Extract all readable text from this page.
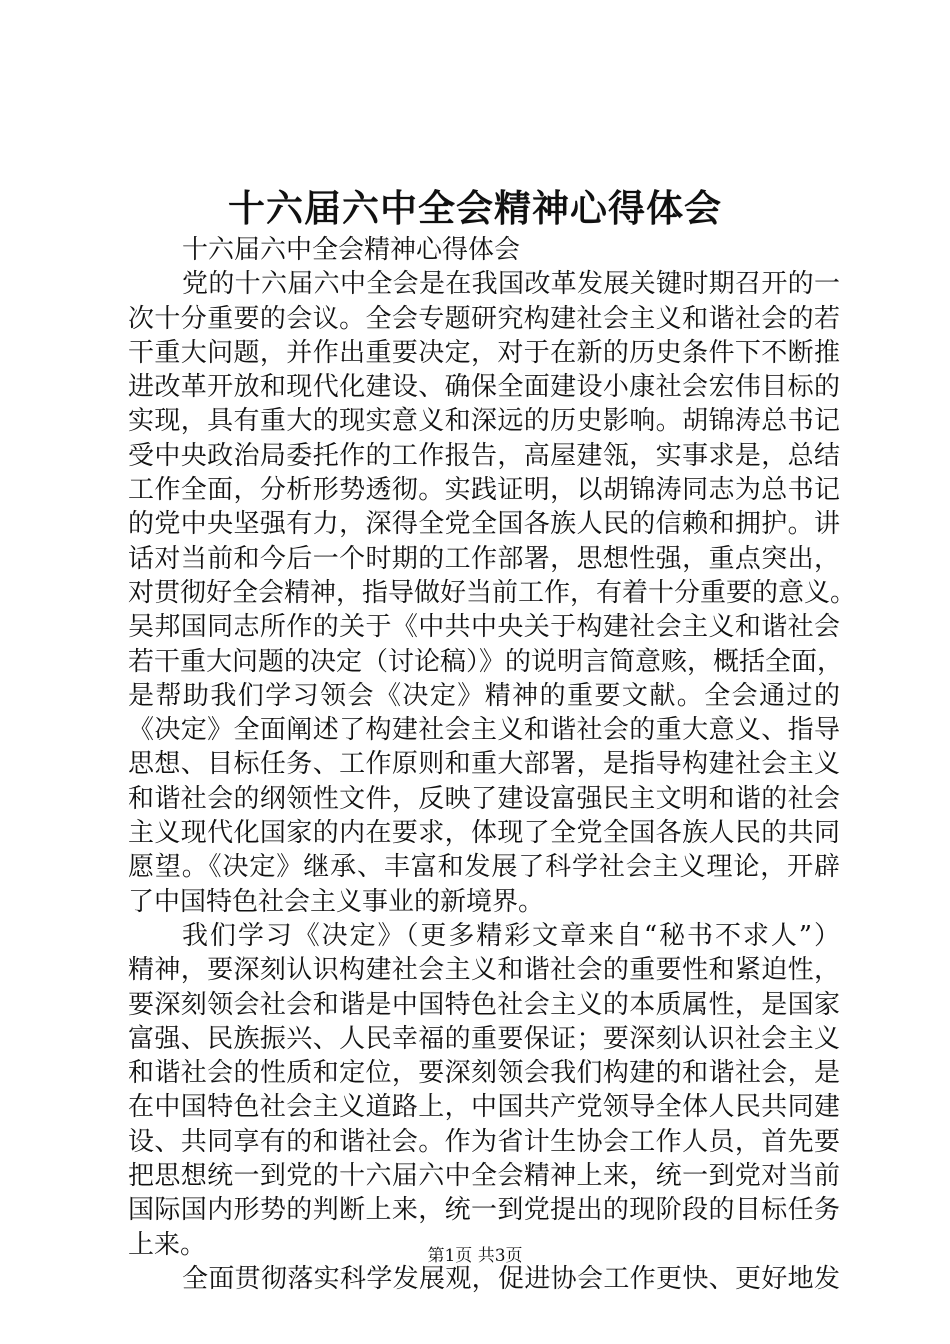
十六届六中全会精神心得体会
十六届六中全会精神心得体会
党的十六届六中全会是在我国改革发展关键时期召开的一
次十分重要的会议。全会专题研究构建社会主义和谐社会的若
干重大问题，并作出重要决定，对于在新的历史条件下不断推
进改革开放和现代化建设、确保全面建设小康社会宏伟目标的
实现，具有重大的现实意义和深远的历史影响。胡锦涛总书记
受中央政治局委托作的工作报告，高屋建瓴，实事求是，总结
工作全面，分析形势透彻。实践证明，以胡锦涛同志为总书记
的党中央坚强有力，深得全党全国各族人民的信赖和拥护。讲
话对当前和今后一个时期的工作部署，思想性强，重点突出，
对贯彻好全会精神，指导做好当前工作，有着十分重要的意义。
吴邦国同志所作的关于《中共中央关于构建社会主义和谐社会
若干重大问题的决定（讨论稿）》的说明言简意赅，概括全面，
是帮助我们学习领会《决定》精神的重要文献。全会通过的
《决定》全面阐述了构建社会主义和谐社会的重大意义、指导
思想、目标任务、工作原则和重大部署，是指导构建社会主义
和谐社会的纲领性文件，反映了建设富强民主文明和谐的社会
主义现代化国家的内在要求，体现了全党全国各族人民的共同
愿望。《决定》继承、丰富和发展了科学社会主义理论，开辟
了中国特色社会主义事业的新境界。
我们学习《决定》（更多精彩文章来自“秘书不求人”）
精神，要深刻认识构建社会主义和谐社会的重要性和紧迫性，
要深刻领会社会和谐是中国特色社会主义的本质属性，是国家
富强、民族振兴、人民幸福的重要保证；要深刻认识社会主义
和谐社会的性质和定位，要深刻领会我们构建的和谐社会，是
在中国特色社会主义道路上，中国共产党领导全体人民共同建
设、共同享有的和谐社会。作为省计生协会工作人员，首先要
把思想统一到党的十六届六中全会精神上来，统一到党对当前
国际国内形势的判断上来，统一到党提出的现阶段的目标任务
上来。
全面贯彻落实科学发展观，促进协会工作更快、更好地发
第1页 共3页
